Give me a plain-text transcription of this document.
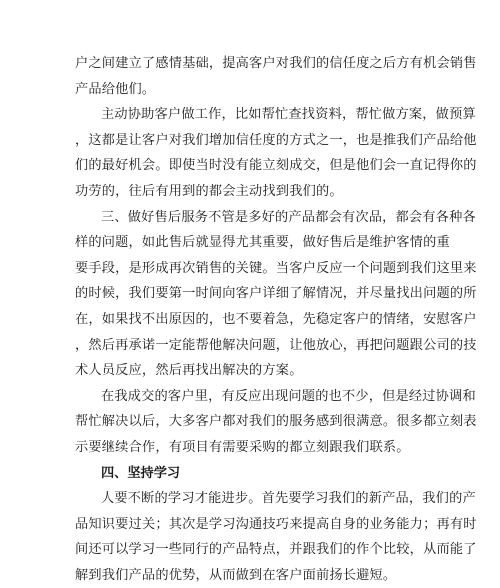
户之间建立了感情基础，提高客户对我们的信任度之后方有机会销售
产品给他们。
主动协助客户做工作，比如帮忙查找资料，帮忙做方案，做预算
，这都是让客户对我们增加信任度的方式之一，也是推我们产品给他
们的最好机会。即使当时没有能立刻成交，但是他们会一直记得你的
功劳的，往后有用到的都会主动找到我们的。
三、做好售后服务不管是多好的产品都会有次品，都会有各种各
样的问题，如此售后就显得尤其重要，做好售后是维护客情的重
要手段，是形成再次销售的关键。当客户反应一个问题到我们这里来
的时候，我们要第一时间向客户详细了解情况，并尽量找出问题的所
在，如果找不出原因的，也不要着急，先稳定客户的情绪，安慰客户
，然后再承诺一定能帮他解决问题，让他放心，再把问题跟公司的技
术人员反应，然后再找出解决的方案。
在我成交的客户里，有反应出现问题的也不少，但是经过协调和
帮忙解决以后，大多客户都对我们的服务感到很满意。很多都立刻表
示要继续合作，有项目有需要采购的都立刻跟我们联系。
四、坚持学习
人要不断的学习才能进步。首先要学习我们的新产品，我们的产
品知识要过关；其次是学习沟通技巧来提高自身的业务能力；再有时
间还可以学习一些同行的产品特点，并跟我们的作个比较，从而能了
解到我们产品的优势，从而做到在客户面前扬长避短。
